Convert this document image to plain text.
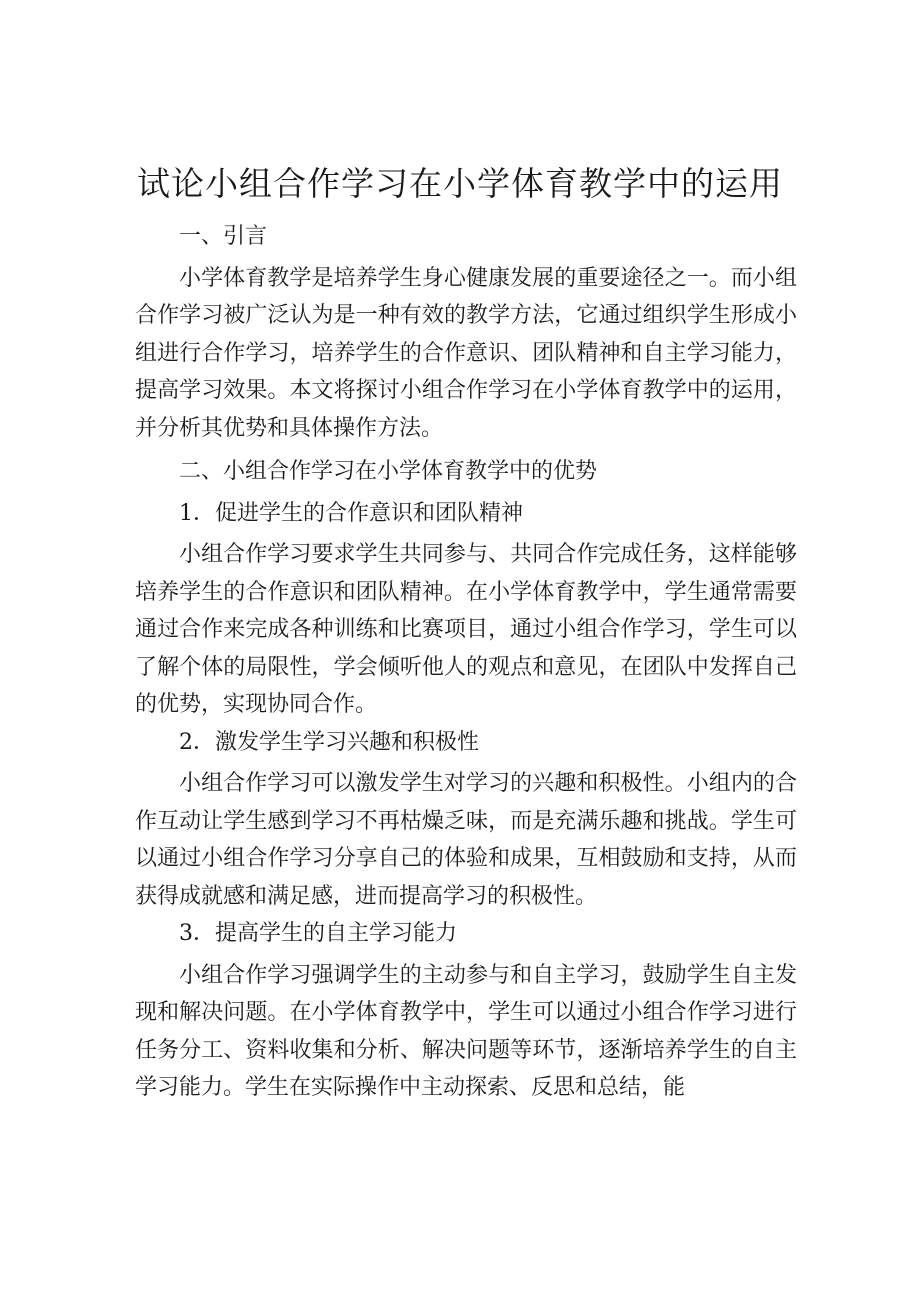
试论小组合作学习在小学体育教学中的运用

一、引言

小学体育教学是培养学生身心健康发展的重要途径之一。而小组合作学习被广泛认为是一种有效的教学方法，它通过组织学生形成小组进行合作学习，培养学生的合作意识、团队精神和自主学习能力，提高学习效果。本文将探讨小组合作学习在小学体育教学中的运用，并分析其优势和具体操作方法。

二、小组合作学习在小学体育教学中的优势

1．促进学生的合作意识和团队精神

小组合作学习要求学生共同参与、共同合作完成任务，这样能够培养学生的合作意识和团队精神。在小学体育教学中，学生通常需要通过合作来完成各种训练和比赛项目，通过小组合作学习，学生可以了解个体的局限性，学会倾听他人的观点和意见，在团队中发挥自己的优势，实现协同合作。

2．激发学生学习兴趣和积极性

小组合作学习可以激发学生对学习的兴趣和积极性。小组内的合作互动让学生感到学习不再枯燥乏味，而是充满乐趣和挑战。学生可以通过小组合作学习分享自己的体验和成果，互相鼓励和支持，从而获得成就感和满足感，进而提高学习的积极性。

3．提高学生的自主学习能力

小组合作学习强调学生的主动参与和自主学习，鼓励学生自主发现和解决问题。在小学体育教学中，学生可以通过小组合作学习进行任务分工、资料收集和分析、解决问题等环节，逐渐培养学生的自主学习能力。学生在实际操作中主动探索、反思和总结，能
